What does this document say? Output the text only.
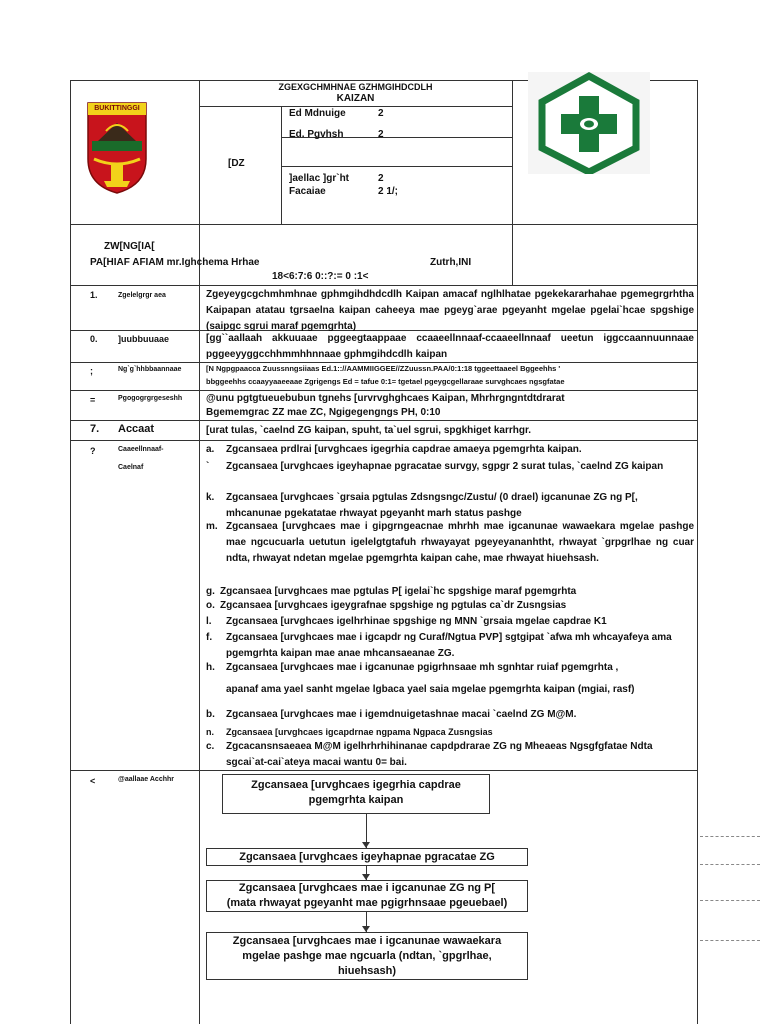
BUKITTINGGI
ZGEXGCHMHNAE GZHMGIHDCDLH
KAIZAN
[DZ
Ed Mdnuige	2
Ed. Pgvhsh	2
]aellac ]gr`ht	2
Facaiae	2 1/;
ZW[NG[IA[
PA[HIAF AFIAM mr.Ighchema Hrhae	Zutrh,INI
18<6:7:6 0::?:= 0 :1<
1.	Zgelelgrgr aea	Zgeyeygcgchmhmhnae gphmgihdhdcdlh Kaipan amacaf nglhlhatae pgekekararhahae pgemegrgrhtha Kaipapan atatau tgrsaelna kaipan caheeya mae pgeyg`arae pgeyanht mgelae pgelai`hcae spgshige (saipgc sgrui maraf pgemgrhta)
0. ]uubbuuaae	[gg``aallaah akkuuaae pggeegtaappaae ccaaeellnnaaf-ccaaeellnnaaf ueetun iggccaannuunnaae pggeeyyggcchhmmhhnnaae gphmgihdcdlh kaipan
;	Ng`g`hhbbaannaae	[N Ngpgpaacca Zuussnngsiiaas Ed.1:://AAMMIIGGEE//ZZuussn.PAA/0:1:18 tggeettaaeel Bggeehhs '
bbggeehhs ccaayyaaeeaae Zgrigengs Ed = tafue 0:1= tgetael pgeygcgellaraae survghcaes ngsgfatae
=	Pgogogrgrgeseshh @unu pgtgtueuebubun tgnehs [urvrvghghcaes Kaipan, Mhrhrgngntdtdrarat
Bgememgrac ZZ mae ZC, Ngigegengngs PH, 0:10
7. Accaat	[urat tulas, `caelnd ZG kaipan, spuht, ta`uel sgrui, spgkhiget karrhgr.
?	Caaeellnnaaf-
Caelnaf
a.	Zgcansaea prdlrai [urvghcaes igegrhia capdrae amaeya pgemgrhta kaipan.
`	Zgcansaea [urvghcaes igeyhapnae pgracatae survgy, sgpgr 2 surat tulas, `caelnd ZG kaipan
k.	Zgcansaea [urvghcaes `grsaia pgtulas Zdsngsngc/Zustu/ (0 drael) igcanunae ZG ng P[, mhcanunae pgekatatae rhwayat pgeyanht marh status pashge
m. Zgcansaea [urvghcaes mae i gipgrngeacnae mhrhh mae igcanunae wawaekara mgelae pashge mae ngcucuarla uetutun igelelgtgtafuh rhwayayat pgeyeyananhtht, rhwayat `grpgrlhae ng cuar ndta, rhwayat ndetan mgelae pgemgrhta kaipan cahe, mae rhwayat hiuehsash.
g. Zgcansaea [urvghcaes mae pgtulas P[ igelai`hc spgshige maraf pgemgrhta
o. Zgcansaea [urvghcaes igeygrafnae spgshige ng pgtulas ca`dr Zusngsias
l.	Zgcansaea [urvghcaes igelhrhinae spgshige ng MNN `grsaia mgelae capdrae K1
f.	Zgcansaea [urvghcaes mae i igcapdr ng Curaf/Ngtua PVP] sgtgipat `afwa mh whcayafeya ama pgemgrhta kaipan mae anae mhcansaeanae ZG.
h.	Zgcansaea [urvghcaes mae i igcanunae pgigrhnsaae mh sgnhtar ruiaf pgemgrhta ,
apanaf ama yael sanht mgelae lgbaca yael saia mgelae pgemgrhta kaipan (mgiai, rasf)
b.	Zgcansaea [urvghcaes mae i igemdnuigetashnae macai `caelnd ZG M@M.
n.	Zgcansaea [urvghcaes igcapdrnae ngpama Ngpaca Zusngsias
c.	Zgcacansnsaeaea M@M igelhrhrhihinanae capdpdrarae ZG ng Mheaeas Ngsgfgfatae Ndta sgcai`at-cai`ateya macai wantu 0= bai.
<	@aallaae Acchhr	Zgcansaea [urvghcaes igegrhia capdrae
pgemgrhta kaipan
Zgcansaea [urvghcaes igeyhapnae pgracatae ZG
Zgcansaea [urvghcaes mae i igcanunae ZG ng P[
(mata rhwayat pgeyanht mae pgigrhnsaae pgeuebael)
Zgcansaea [urvghcaes mae i igcanunae wawaekara
mgelae pashge mae ngcuarla (ndtan, `gpgrlhae,
hiuehsash)
